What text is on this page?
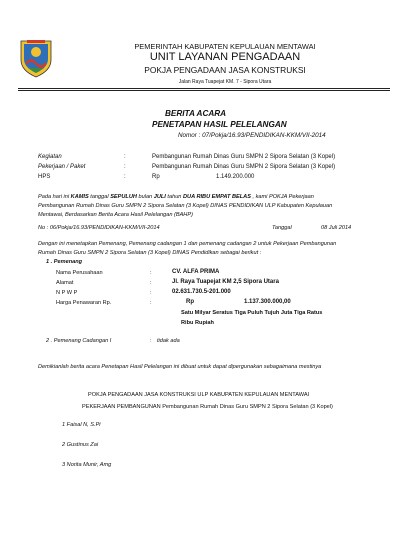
PEMERINTAH KABUPATEN KEPULAUAN MENTAWAI
UNIT LAYANAN PENGADAAN
POKJA PENGADAAN JASA KONSTRUKSI
Jalan Raya Tuapejat KM. 7 - Sipora Utara
BERITA ACARA
PENETAPAN HASIL PELELANGAN
Nomor : 07/Pokja/16.93/PENDIDIKAN-KKM/VII-2014
Kegiatan	:	Pembangunan Rumah Dinas Guru SMPN 2 Sipora Selatan (3 Kopel)
Pekerjaan / Paket	:	Pembangunan Rumah Dinas Guru SMPN 2 Sipora Selatan (3 Kopel)
HPS	:	Rp	1.149.200.000
Pada hari ini KAMIS tanggal SEPULUH bulan JULI tahun DUA RIBU EMPAT BELAS , kami POKJA Pekerjaan
Pembangunan Rumah Dinas Guru SMPN 2 Sipora Selatan (3 Kopel) DINAS PENDIDIKAN ULP Kabupaten Kepulauan
Mentawai, Berdasarkan Berita Acara Hasil Pelelangan (BAHP)
No : 06/Pokja/16.93/PENDIDIKAN-KKM/VII-2014	Tanggal	08 Juli 2014
Dengan ini menetapkan Pemenang, Pemenang cadangan 1 dan pemenang cadangan 2 untuk Pekerjaan Pembangunan
Rumah Dinas Guru SMPN 2 Sipora Selatan (3 Kopel) DINAS Pendidikan sebagai berikut :
1 . Pemenang
Nama Perusahaan	:	CV. ALFA PRIMA
Alamat	:	Jl. Raya Tuapejat KM 2,5 Sipora Utara
N P W P	:	02.631.730.5-201.000
Harga Penawaran Rp.	:	Rp	1.137.300.000,00
Satu Milyar Seratus Tiga Puluh Tujuh Juta Tiga Ratus
Ribu Rupiah
2 . Pemenang Cadangan I	: tidak ada
Demikianlah berita acara Penetapan Hasil Pelelangan ini dibuat untuk dapat dipergunakan sebagaimana mestinya
POKJA PENGADAAN JASA KONSTRUKSI ULP KABUPATEN KEPULAUAN MENTAWAI
PEKERJAAN PEMBANGUNAN Pembangunan Rumah Dinas Guru SMPN 2 Sipora Selatan (3 Kopel)
1 Faisal N, S.Pi
2 Gustinus Zai
3 Norita Munir, Amg
